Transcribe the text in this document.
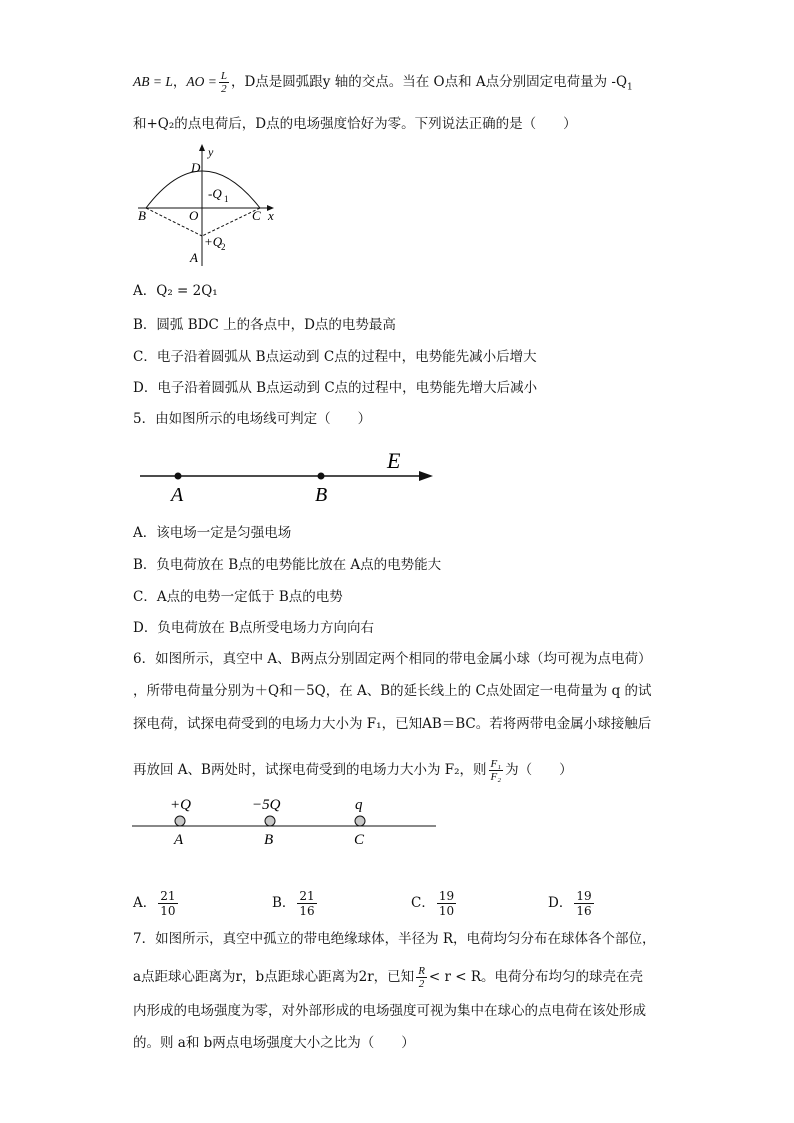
AB = L，AO = $\frac{L}{2}$ ，D点是圆弧跟y 轴的交点。当在 O点和 A点分别固定电荷量为 $-Q_1$
和+Q₂的点电荷后，D点的电场强度恰好为零。下列说法正确的是（　　）
D
y
-Q 1
B	O	C x
+Q
2
A
A．Q₂ = 2Q₁
B．圆弧 BDC 上的各点中，D点的电势最高
C．电子沿着圆弧从 B点运动到 C点的过程中，电势能先减小后增大
D．电子沿着圆弧从 B点运动到 C点的过程中，电势能先增大后减小
5．由如图所示的电场线可判定（　　）
E
A	B
A．该电场一定是匀强电场
B．负电荷放在 B点的电势能比放在 A点的电势能大
C．A点的电势一定低于 B点的电势
D．负电荷放在 B点所受电场力方向向右
6．如图所示，真空中 A、B两点分别固定两个相同的带电金属小球（均可视为点电荷）
，所带电荷量分别为＋Q和－5Q，在 A、B的延长线上的 C点处固定一电荷量为 q 的试
探电荷，试探电荷受到的电场力大小为 F₁，已知AB＝BC。若将两带电金属小球接触后
再放回 A、B两处时，试探电荷受到的电场力大小为 F₂，则 $\frac{\text{F₁}}{\text{F₂}}$ 为（　　）
+Q	−5Q	q
A	B	C
A． $\frac{21}{10}$	B． $\frac{21}{16}$	C． $\frac{19}{10}$	D． $\frac{19}{16}$
7．如图所示，真空中孤立的带电绝缘球体，半径为 R，电荷均匀分布在球体各个部位，
a点距球心距离为r，b点距球心距离为2r，已知 $\frac{R}{2} < r < R$。电荷分布均匀的球壳在壳
内形成的电场强度为零，对外部形成的电场强度可视为集中在球心的点电荷在该处形成
的。则 a和 b两点电场强度大小之比为（　　）
